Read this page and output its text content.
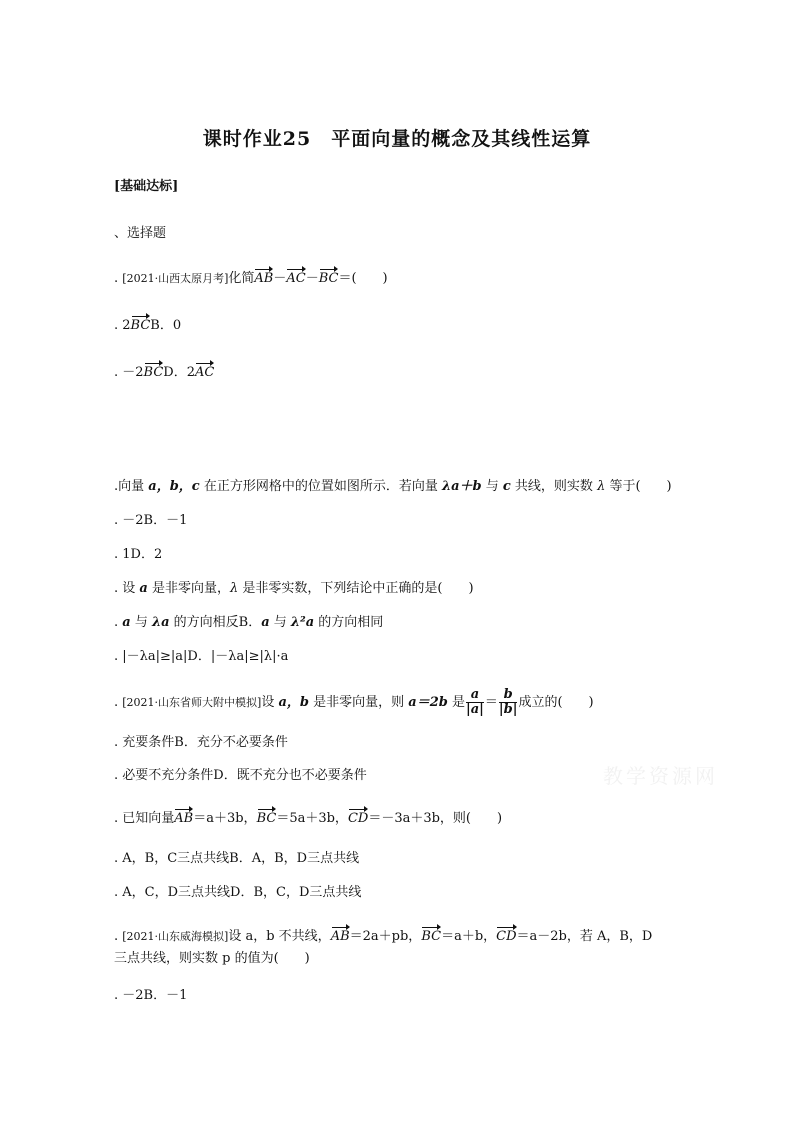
课时作业25　平面向量的概念及其线性运算
[基础达标]
、选择题
. [2021·山西太原月考]化简AB－AC－BC＝(　　)
. 2BCB．0
. －2BCD．2AC
.向量 a，b，c 在正方形网格中的位置如图所示．若向量 λa＋b 与 c 共线，则实数 λ 等于(　　)
. －2B．－1
. 1D．2
. 设 a 是非零向量，λ 是非零实数，下列结论中正确的是(　　)
. a 与 λa 的方向相反B．a 与 λ²a 的方向相同
. |－λa|≥|a|D．|－λa|≥|λ|·a
. [2021·山东省师大附中模拟]设 a，b 是非零向量，则 a＝2b 是 $\frac{a}{|a|} = \frac{b}{|b|}$ 成立的(　　)
. 充要条件B．充分不必要条件
. 必要不充分条件D．既不充分也不必要条件	教学资源网
. 已知向量AB＝a＋3b，BC＝5a＋3b，CD＝－3a＋3b，则(　　)
. A，B，C三点共线B．A，B，D三点共线
. A，C，D三点共线D．B，C，D三点共线
. [2021·山东威海模拟]设 a，b 不共线，AB＝2a＋pb，BC＝a＋b，CD＝a－2b，若 A，B，D
三点共线，则实数 p 的值为(　　)
. －2B．－1
